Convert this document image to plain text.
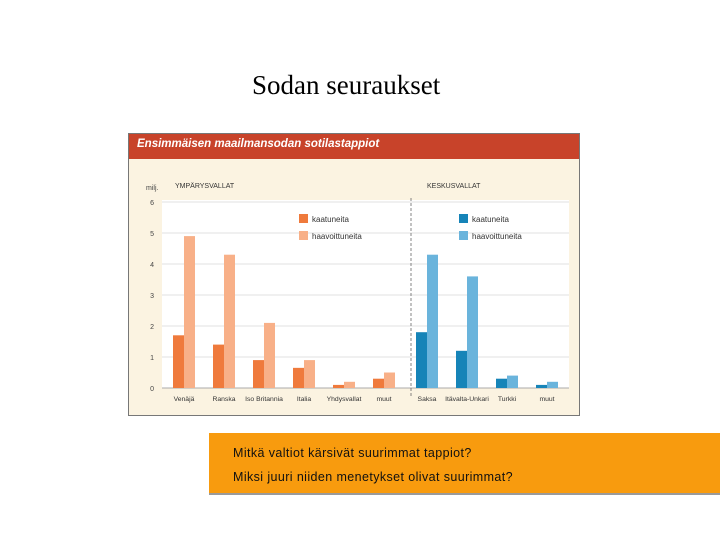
Sodan seuraukset
Ensimmäisen maailmansodan sotilastappiot
0
1
2
3
4
5
6
milj. YMPÄRYSVALLAT
kaatuneita
haavoittuneita
Venäjä	Ranska Iso Britannia Italia Yhdysvallat muut
KESKUSVALLAT
kaatuneita
haavoittuneita
Saksa Itävalta-Unkari Turkki	muut
Mitkä valtiot kärsivät suurimmat tappiot?
Miksi juuri niiden menetykset olivat suurimmat?
